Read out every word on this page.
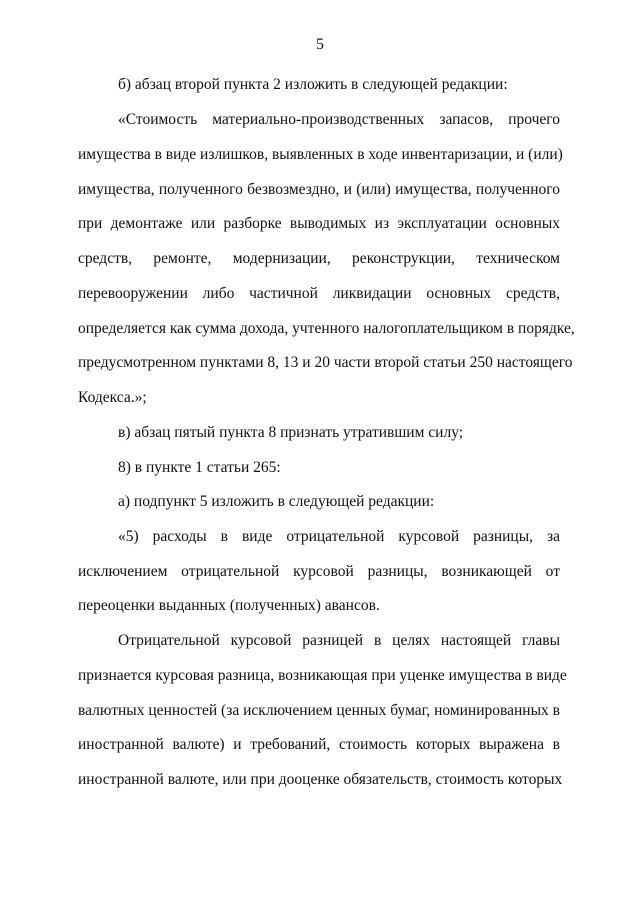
5
б) абзац второй пункта 2 изложить в следующей редакции:
«Стоимость материально-производственных запасов, прочего
имущества в виде излишков, выявленных в ходе инвентаризации, и (или)
имущества, полученного безвозмездно, и (или) имущества, полученного
при демонтаже или разборке выводимых из эксплуатации основных
средств, ремонте, модернизации, реконструкции, техническом
перевооружении либо частичной ликвидации основных средств,
определяется как сумма дохода, учтенного налогоплательщиком в порядке,
предусмотренном пунктами 8, 13 и 20 части второй статьи 250 настоящего
Кодекса.»;
в) абзац пятый пункта 8 признать утратившим силу;
8) в пункте 1 статьи 265:
а) подпункт 5 изложить в следующей редакции:
«5) расходы в виде отрицательной курсовой разницы, за
исключением отрицательной курсовой разницы, возникающей от
переоценки выданных (полученных) авансов.
Отрицательной курсовой разницей в целях настоящей главы
признается курсовая разница, возникающая при уценке имущества в виде
валютных ценностей (за исключением ценных бумаг, номинированных в
иностранной валюте) и требований, стоимость которых выражена в
иностранной валюте, или при дооценке обязательств, стоимость которых
